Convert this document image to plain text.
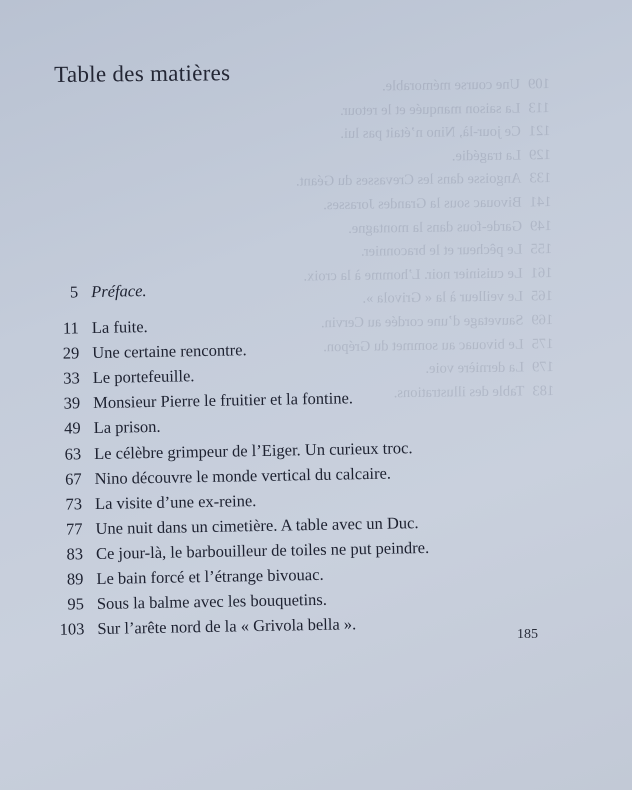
109
Une course mémorable.
113
La saison manquée et le retour.
121
Ce jour-là, Nino n’était pas lui.
129
La tragédie.
133
Angoisse dans les Crevasses du Géant.
141
Bivouac sous la Grandes Jorasses.
149
Garde-fous dans la montagne.
155
Le pêcheur et le braconnier.
161
Le cuisinier noir. L’homme à la croix.
165
Le veilleur à la « Grivola ».
169
Sauvetage d’une cordée au Cervin.
175
Le bivouac au sommet du Grépon.
179
La dernière voie.
183
Table des illustrations.
Table des matières
5 Préface.
11 La fuite.
29 Une certaine rencontre.
33 Le portefeuille.
39 Monsieur Pierre le fruitier et la fontine.
49 La prison.
63 Le célèbre grimpeur de l’Eiger. Un curieux troc.
67 Nino découvre le monde vertical du calcaire.
73 La visite d’une ex-reine.
77 Une nuit dans un cimetière. A table avec un Duc.
83 Ce jour-là, le barbouilleur de toiles ne put peindre.
89 Le bain forcé et l’étrange bivouac.
95 Sous la balme avec les bouquetins.
103 Sur l’arête nord de la « Grivola bella ».	185
